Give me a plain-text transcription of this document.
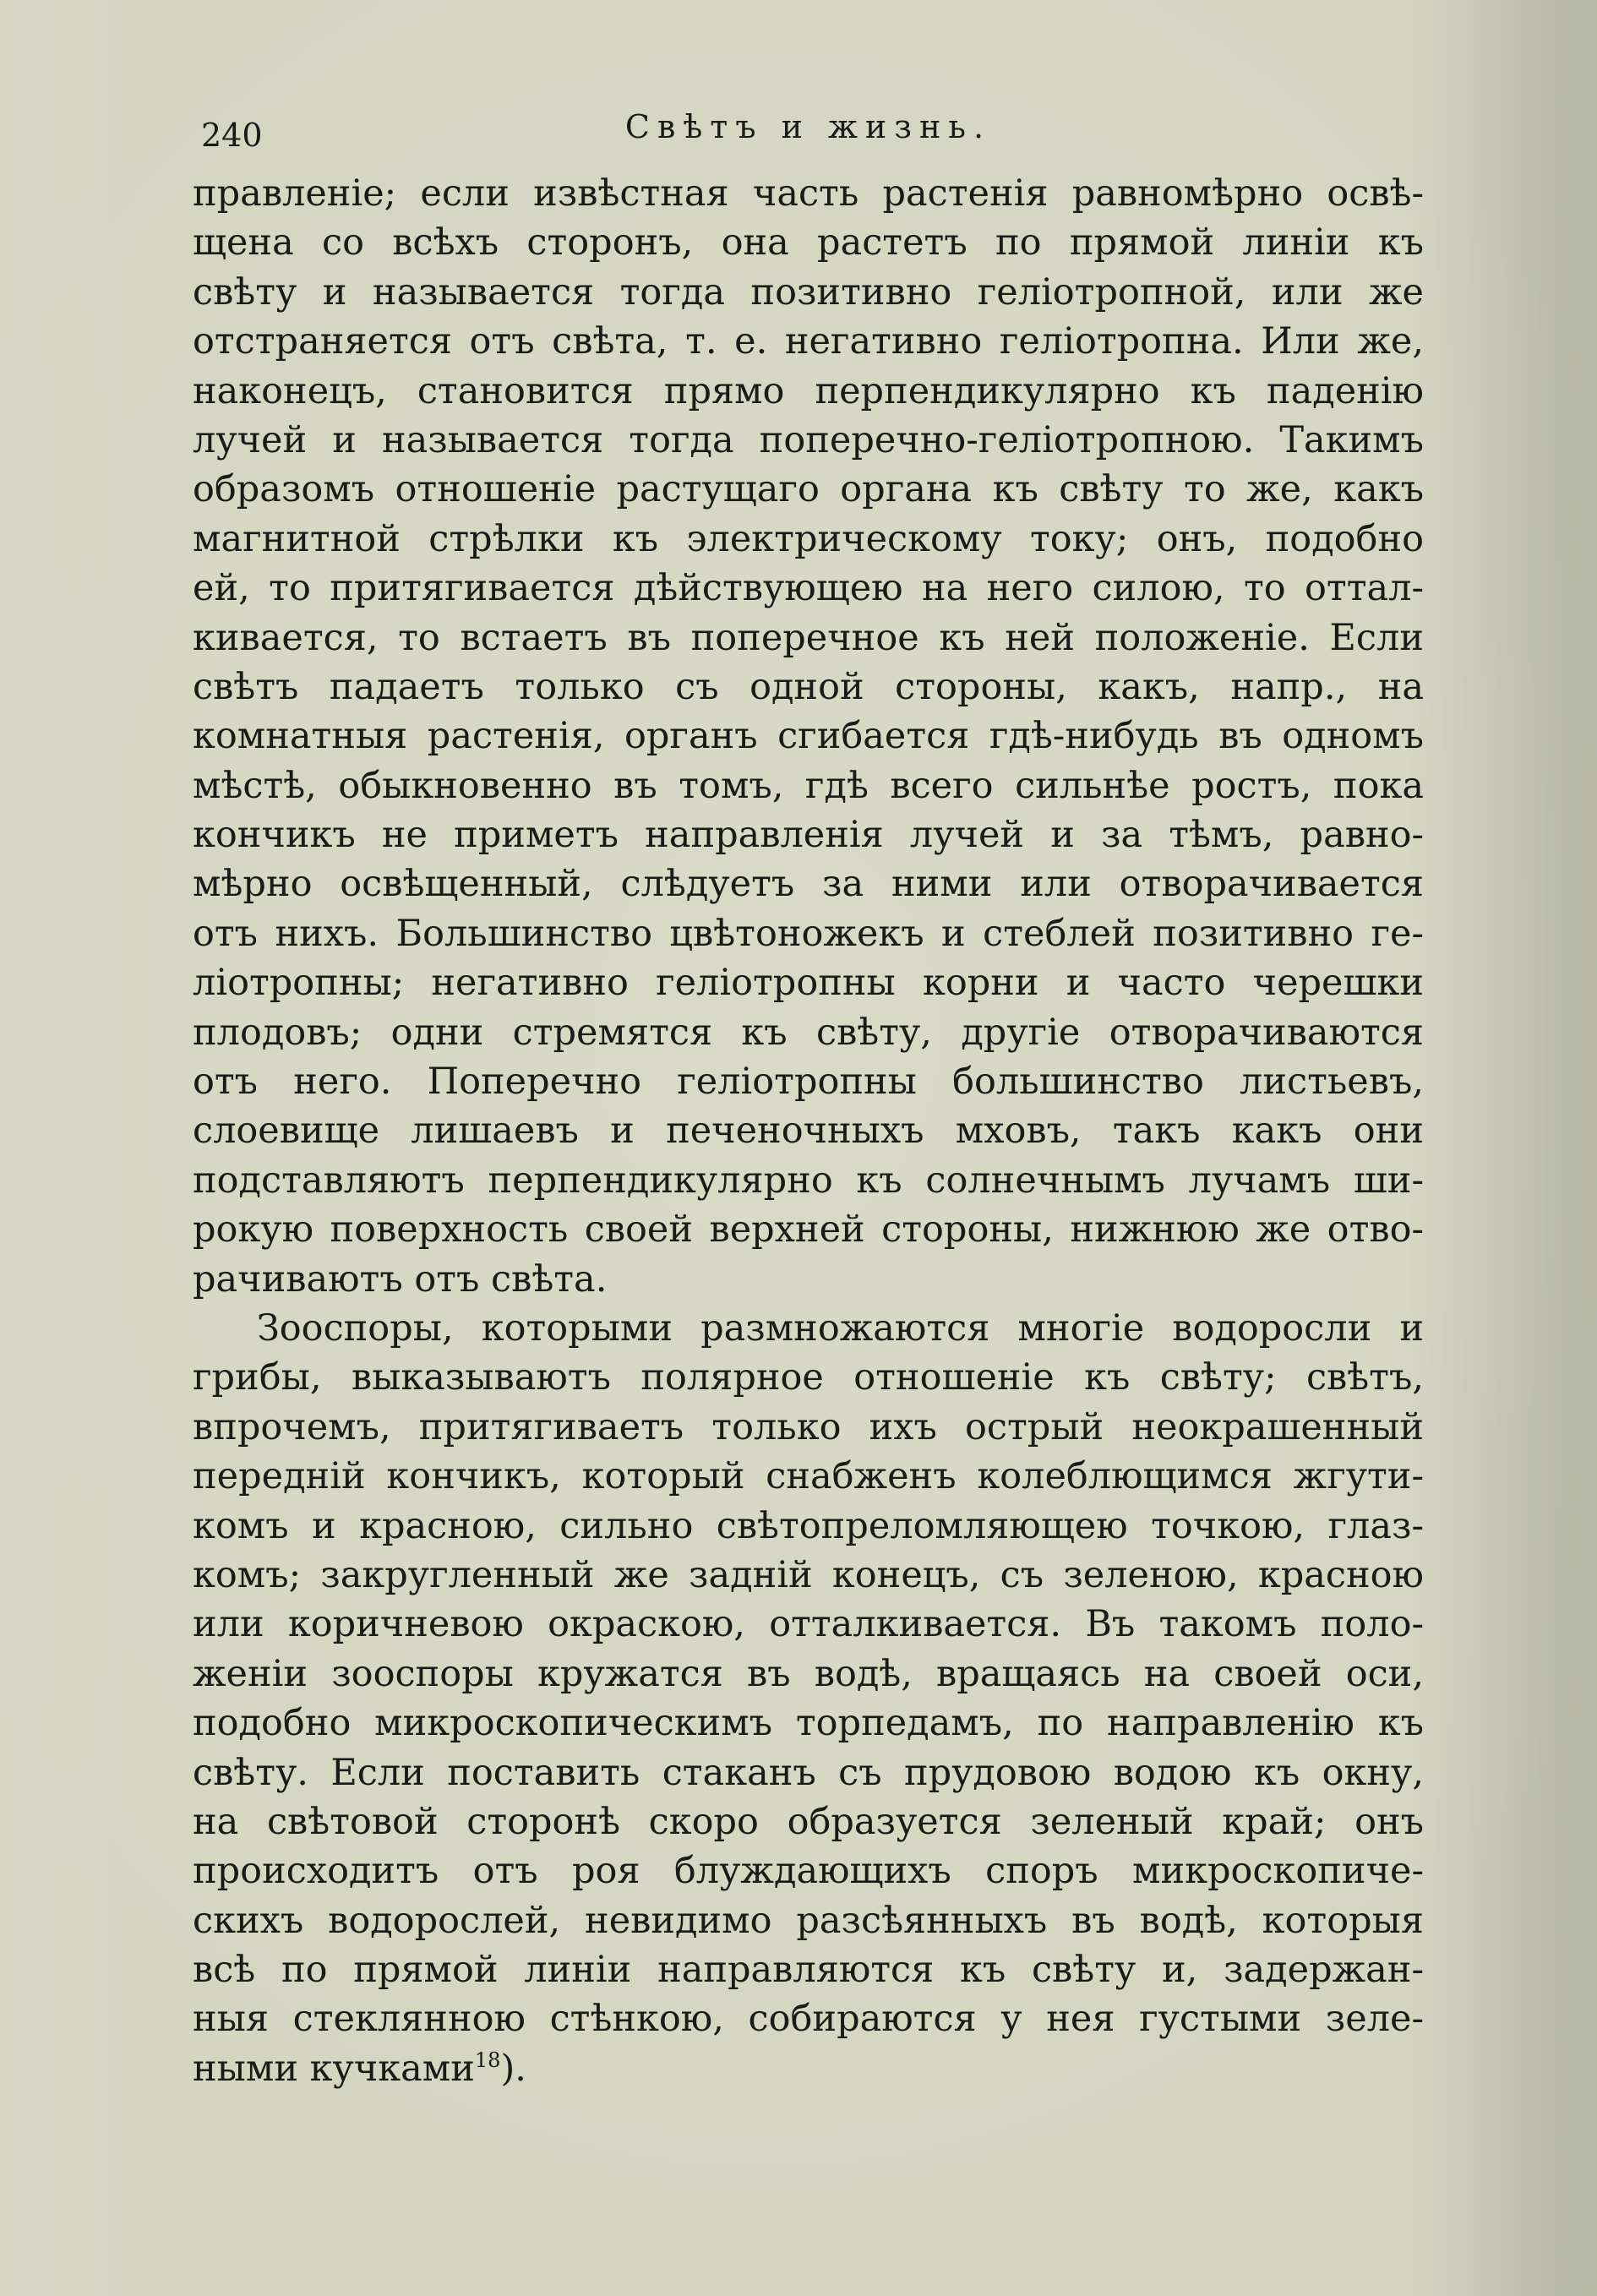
240	Свѣтъ и жизнь.
правленіе; если извѣстная часть растенія равномѣрно освѣ-
щена со всѣхъ сторонъ, она растетъ по прямой линіи къ
свѣту и называется тогда позитивно геліотропной, или же
отстраняется отъ свѣта, т. е. негативно геліотропна. Или же,
наконецъ, становится прямо перпендикулярно къ паденію
лучей и называется тогда поперечно-геліотропною. Такимъ
образомъ отношеніе растущаго органа къ свѣту то же, какъ
магнитной стрѣлки къ электрическому току; онъ, подобно
ей, то притягивается дѣйствующею на него силою, то оттал-
кивается, то встаетъ въ поперечное къ ней положеніе. Если
свѣтъ падаетъ только съ одной стороны, какъ, напр., на
комнатныя растенія, органъ сгибается гдѣ-нибудь въ одномъ
мѣстѣ, обыкновенно въ томъ, гдѣ всего сильнѣе ростъ, пока
кончикъ не приметъ направленія лучей и за тѣмъ, равно-
мѣрно освѣщенный, слѣдуетъ за ними или отворачивается
отъ нихъ. Большинство цвѣтоножекъ и стеблей позитивно ге-
ліотропны; негативно геліотропны корни и часто черешки
плодовъ; одни стремятся къ свѣту, другіе отворачиваются
отъ него. Поперечно геліотропны большинство листьевъ,
слоевище лишаевъ и печеночныхъ мховъ, такъ какъ они
подставляютъ перпендикулярно къ солнечнымъ лучамъ ши-
рокую поверхность своей верхней стороны, нижнюю же отво-
рачиваютъ отъ свѣта.
Зооспоры, которыми размножаются многіе водоросли и
грибы, выказываютъ полярное отношеніе къ свѣту; свѣтъ,
впрочемъ, притягиваетъ только ихъ острый неокрашенный
передній кончикъ, который снабженъ колеблющимся жгути-
комъ и красною, сильно свѣтопреломляющею точкою, глаз-
комъ; закругленный же задній конецъ, съ зеленою, красною
или коричневою окраскою, отталкивается. Въ такомъ поло-
женіи зооспоры кружатся въ водѣ, вращаясь на своей оси,
подобно микроскопическимъ торпедамъ, по направленію къ
свѣту. Если поставить стаканъ съ прудовою водою къ окну,
на свѣтовой сторонѣ скоро образуется зеленый край; онъ
происходитъ отъ роя блуждающихъ споръ микроскопиче-
скихъ водорослей, невидимо разсѣянныхъ въ водѣ, которыя
всѣ по прямой линіи направляются къ свѣту и, задержан-
ныя стеклянною стѣнкою, собираются у нея густыми зеле-
ными кучками$^{18}$).
